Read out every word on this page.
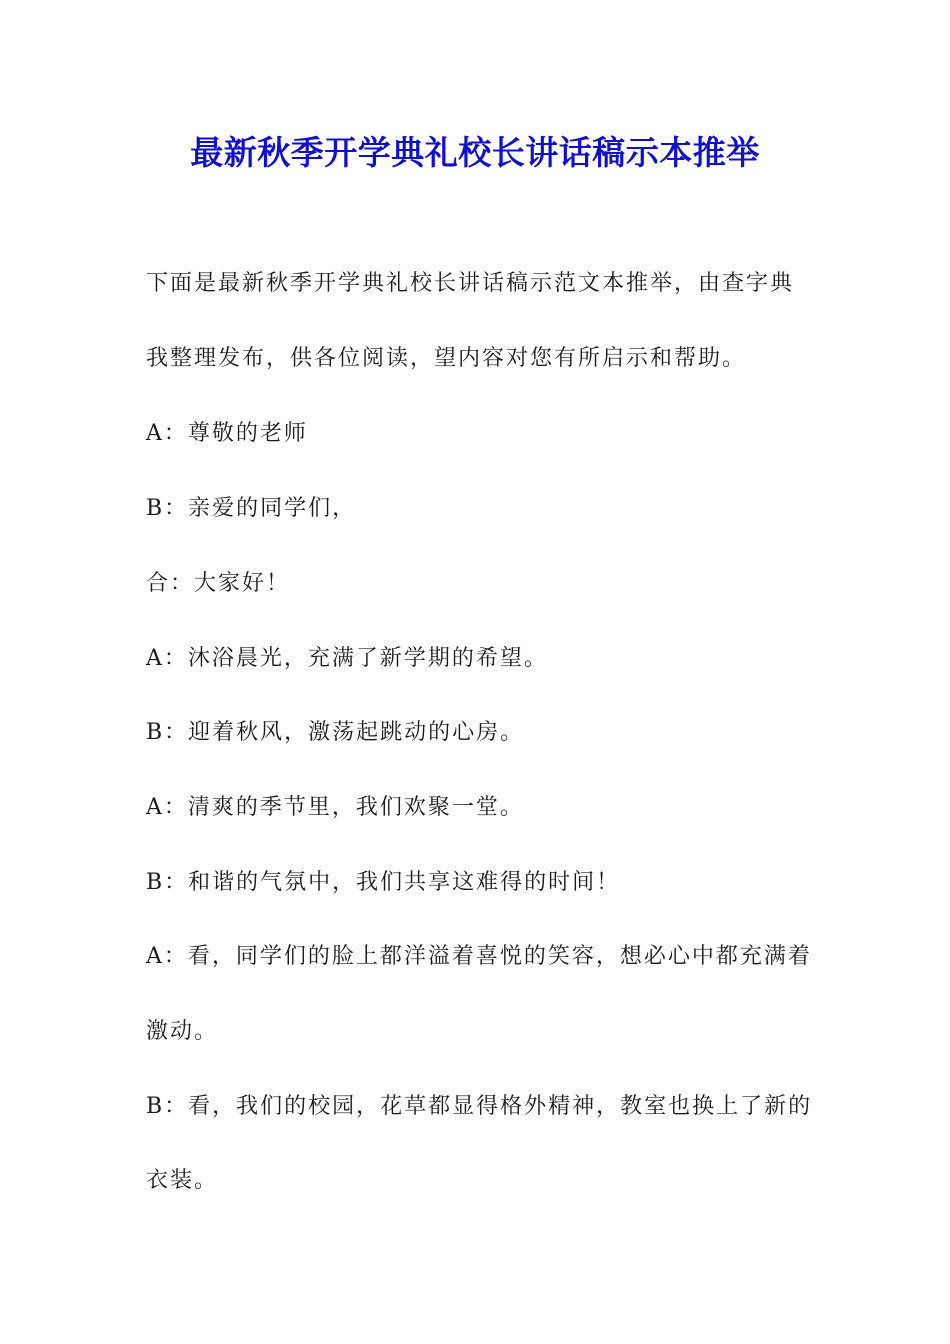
最新秋季开学典礼校长讲话稿示本推举
下面是最新秋季开学典礼校长讲话稿示范文本推举，由查字典
我整理发布，供各位阅读，望内容对您有所启示和帮助。
A：尊敬的老师
B：亲爱的同学们，
合：大家好！
A：沐浴晨光，充满了新学期的希望。
B：迎着秋风，激荡起跳动的心房。
A：清爽的季节里，我们欢聚一堂。
B：和谐的气氛中，我们共享这难得的时间！
A：看，同学们的脸上都洋溢着喜悦的笑容，想必心中都充满着
激动。
B：看，我们的校园，花草都显得格外精神，教室也换上了新的
衣装。
